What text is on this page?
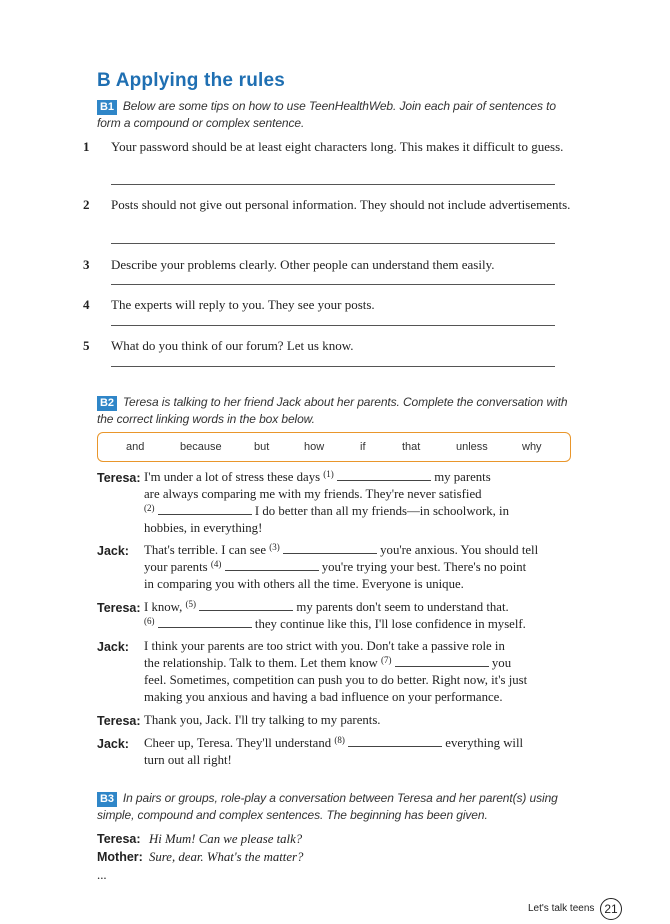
B Applying the rules
B1 Below are some tips on how to use TeenHealthWeb. Join each pair of sentences to form a compound or complex sentence.
1 Your password should be at least eight characters long. This makes it difficult to guess.
2 Posts should not give out personal information. They should not include advertisements.
3 Describe your problems clearly. Other people can understand them easily.
4 The experts will reply to you. They see your posts.
5 What do you think of our forum? Let us know.
B2 Teresa is talking to her friend Jack about her parents. Complete the conversation with the correct linking words in the box below.
and	because	but	how	if	that	unless	why
Teresa: I'm under a lot of stress these days $^{(1)}$	my parents
are always comparing me with my friends. They're never satisfied
$^{(2)}$	I do better than all my friends—in schoolwork, in
hobbies, in everything!
Jack: That's terrible. I can see $^{(3)}$	you're anxious. You should tell
your parents $^{(4)}$	you're trying your best. There's no point
in comparing you with others all the time. Everyone is unique.
Teresa: I know, $^{(5)}$	my parents don't seem to understand that.
$^{(6)}$	they continue like this, I'll lose confidence in myself.
Jack: I think your parents are too strict with you. Don't take a passive role in
the relationship. Talk to them. Let them know $^{(7)}$	you
feel. Sometimes, competition can push you to do better. Right now, it's just
making you anxious and having a bad influence on your performance.
Teresa: Thank you, Jack. I'll try talking to my parents.
Jack: Cheer up, Teresa. They'll understand $^{(8)}$	everything will
turn out all right!
B3 In pairs or groups, role-play a conversation between Teresa and her parent(s) using simple, compound and complex sentences. The beginning has been given.
Teresa: Hi Mum! Can we please talk?
Mother: Sure, dear. What's the matter?
...
Let's talk teens 21
